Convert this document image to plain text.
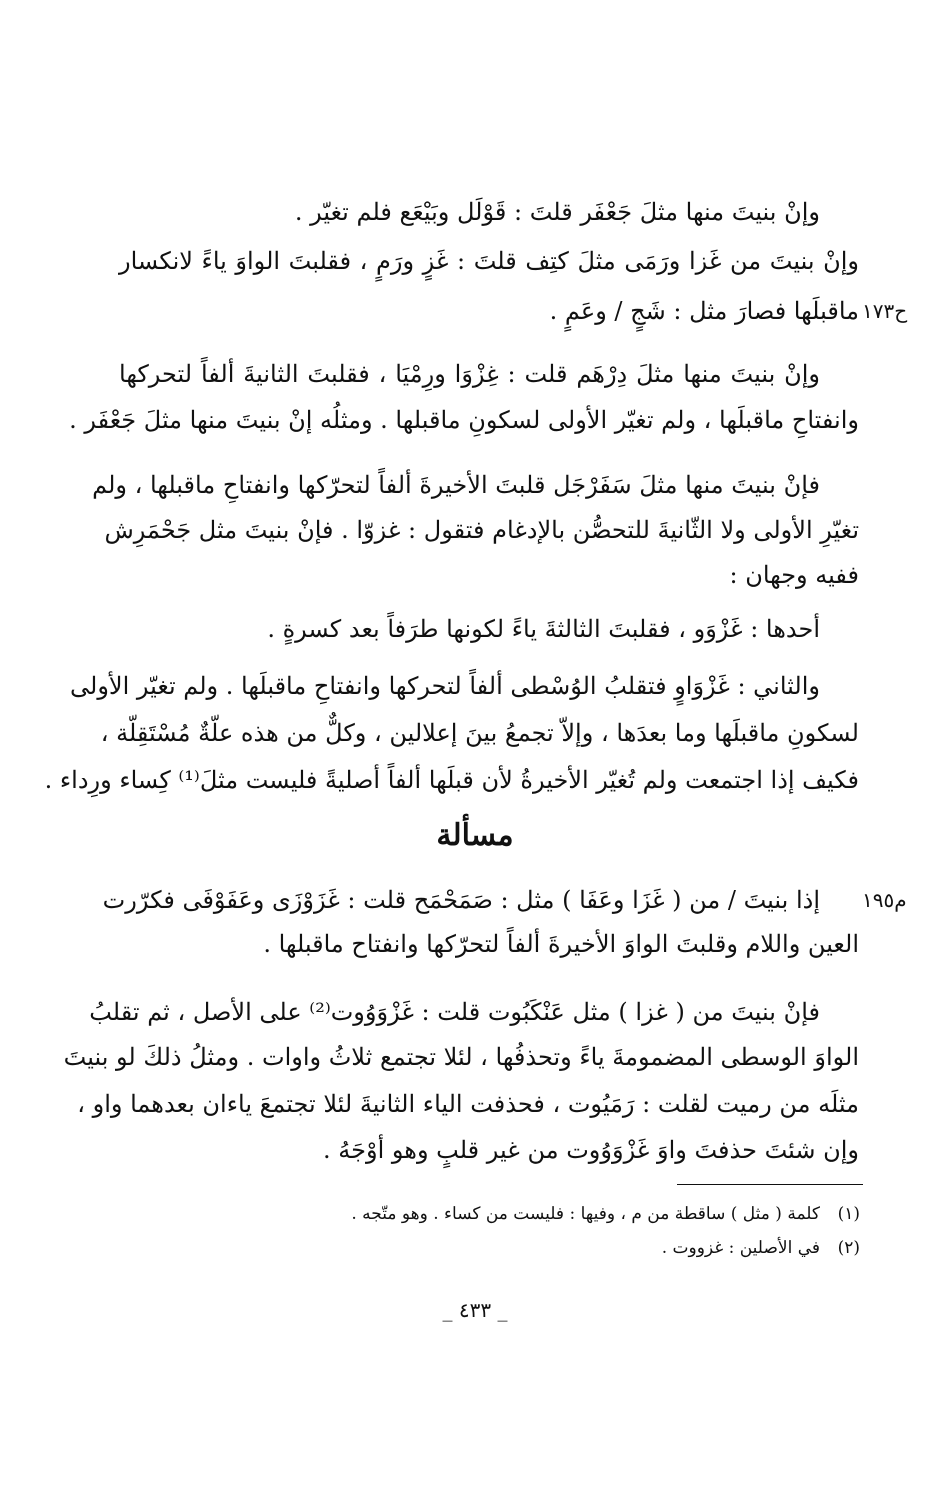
وإنْ بنيتَ منها مثلَ جَعْفَر قلتَ : قَوْلَل وبَيْعَع فلم تغيّر .
وإنْ بنيتَ من غَزا ورَمَى مثلَ كتِف قلتَ : غَزٍ ورَمٍ ، فقلبتَ الواوَ ياءً لانكسار
ماقبلَها فصارَ مثل : شَجٍ / وعَمٍ . ح١٧٣
وإنْ بنيتَ منها مثلَ دِرْهَم قلت : غِزْوَا ورِمْيَا ، فقلبتَ الثانيةَ ألفاً لتحركها
وانفتاحِ ماقبلَها ، ولم تغيّر الأولى لسكونِ ماقبلها . ومثلُه إنْ بنيتَ منها مثلَ جَعْفَر .
فإنْ بنيتَ منها مثلَ سَفَرْجَل قلبتَ الأخيرةَ ألفاً لتحرّكها وانفتاحِ ماقبلها ، ولم
تغيّرِ الأولى ولا الثّانيةَ للتحصُّن بالإدغام فتقول : غزوّا . فإنْ بنيتَ مثل جَحْمَرِش
ففيه وجهان :
أحدها : غَزْوَو ، فقلبتَ الثالثةَ ياءً لكونها طرَفاً بعد كسرةٍ .
والثاني : غَزْوَاوٍ فتقلبُ الوُسْطى ألفاً لتحركها وانفتاحِ ماقبلَها . ولم تغيّر الأولى
لسكونِ ماقبلَها وما بعدَها ، وإلاّ تجمعُ بينَ إعلالين ، وكلٌّ من هذه علّةٌ مُسْتَقِلّة ،
فكيف إذا اجتمعت ولم تُغيّر الأخيرةُ لأن قبلَها ألفاً أصليةً فليست مثلَ⁽¹⁾ كِساء ورِداء .
مسألة
إذا بنيتَ / من ( غَزَا وعَفَا ) مثل : صَمَحْمَح قلت : غَزَوْزَى وعَفَوْفَى فكرّرت م١٩٥
العين واللام وقلبتَ الواوَ الأخيرةَ ألفاً لتحرّكها وانفتاح ماقبلها .
فإنْ بنيتَ من ( غزا ) مثل عَنْكَبُوت قلت : غَزْوَوُوت⁽²⁾ على الأصل ، ثم تقلبُ
الواوَ الوسطى المضمومةَ ياءً وتحذفُها ، لئلا تجتمع ثلاثُ واوات . ومثلُ ذلكَ لو بنيتَ
مثلَه من رميت لقلت : رَمَيُوت ، فحذفت الياء الثانيةَ لئلا تجتمعَ ياءان بعدهما واو ،
وإن شئتَ حذفتَ واوَ غَزْوَوُوت من غير قلبٍ وهو أوْجَهُ .
(١)
كلمة ( مثل ) ساقطة من م ، وفيها : فليست من كساء . وهو متّجه .
(٢)
في الأصلين : غزووت .
_ ٤٣٣ _
